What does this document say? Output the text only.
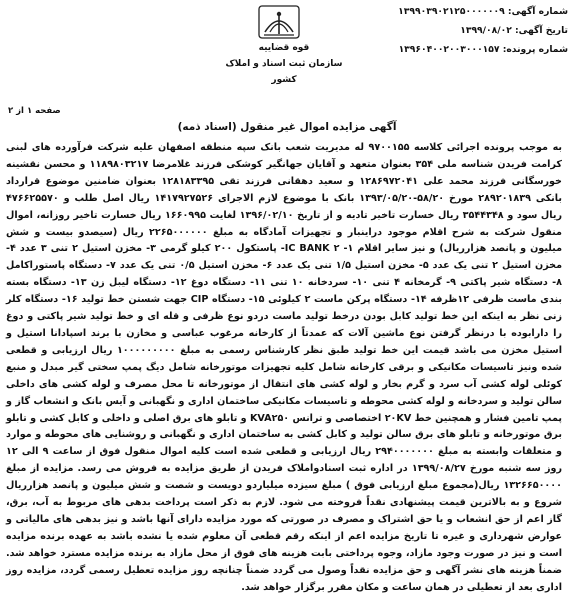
شماره آگهی: ۱۳۹۹۰۳۹۰۲۱۲۵۰۰۰۰۰۰۹
تاریخ آگهی: ۱۳۹۹/۰۸/۰۲
شماره پرونده: ۱۳۹۶۰۴۰۰۲۰۰۳۰۰۰۱۵۷
قوه قضاییه
سازمان ثبت اسناد و املاک کشور
صفحه ۱ از ۲
آگهی مزایده اموال غیر منقول (اسناد ذمه)
به موجب پرونده اجرائی کلاسه ۹۷۰۰۱۵۵ له مدیریت شعب بانک سپه منطقه اصفهان علیه شرکت فرآورده های لبنی کرامت فریدن شناسه ملی ۳۵۴ بعنوان متعهد و آقایان جهانگیر کوشکی فرزند غلامرضا ۱۱۸۹۸۰۳۲۱۷ و محسن نقشینه خورسگانی فرزند محمد علی ۱۲۸۶۹۷۲۰۴۱ و سعید دهقانی فرزند تقی ۱۲۸۱۸۳۳۹۵ بعنوان ضامنین موضوع قرارداد بانکی ۲۸۹۲۰۱۸۳۹ مورخ ۵۸/۲۰-۱۳۹۳/۰۵/۲۰ بانک با موضوع لازم الاجرای ۱۴۱۷۹۲۷۵۲۶ ریال اصل طلب و ۴۷۶۶۲۵۵۷۰ ریال سود و ۳۵۴۴۳۴۸ ریال خسارت تاخیر تادیه و از تاریخ ۱۳۹۶/۰۲/۱۰ لغایت ۱۶۶۰۹۹۵ ریال خسارت تاخیر روزانه، اموال منقول شرکت به شرح اقلام موجود دراینبار و تجهیزات آمادگاه به مبلغ ۲۲۶۵۰۰۰۰۰۰ ریال (سیصدو بیست و شش میلیون و پانصد هزارریال) و نیز سایر اقلام ۱- IC BANK ۲- پاستکول ۲۰۰ کیلو گرمی ۳- مخزن استیل ۲ تنی ۳ عدد ۴- مخزن استیل ۲ تنی یک عدد ۵- مخزن استیل ۱/۵ تنی یک عدد ۶- مخزن استیل ۰/۵ تنی یک عدد ۷- دستگاه پاستوراکامل ۸- دستگاه شیر پاکتی ۹- گرمخانه ۴ تنی ۱۰- سردخانه ۱۰ تنی ۱۱- دستگاه دوغ ۱۲- دستگاه لیبل زن ۱۳- دستگاه بسته بندی ماست ظرفی ۱۲ظرفه ۱۴- دستگاه پرکن ماست ۲ کیلوئی ۱۵- دستگاه CIP جهت شستن خط تولید ۱۶- دستگاه کلر زنی نظر به اینکه این خط تولید کابل بودن درخط تولید ماست دردو نوع ظرفی و قله ای و خط تولید شیر پاکتی و دوغ را دارابوده با درنظر گرفتن نوع ماشین آلات که عمدتاً از کارخانه مرغوب عباسی و مخازن با برند اسپادانا استیل و استیل مخزن می باشد قیمت این خط تولید طبق نظر کارشناس رسمی به مبلغ ۱۰۰۰۰۰۰۰۰۰ ریال ارزیابی و قطعی شده ونیز تاسیسات مکانیکی و برقی کارخانه شامل کلیه تجهیزات موتورخانه شامل دیگ پمپ سختی گیر مبدل و منبع کوئلی لوله کشی آب سرد و گرم بخار و لوله کشی های انتقال از موتورخانه تا محل مصرف و لوله کشی های داخلی سالن تولید و سردخانه و لوله کشی محوطه و تاسیسات مکانیکی ساختمان اداری و نگهبانی و آیس بانک و انشعاب گاز و پمپ تامین فشار و همچنین خط ۲۰KV اختصاصی و ترانس KVA۲۵۰ و تابلو های برق اصلی و داخلی و کابل کشی و تابلو برق موتورخانه و تابلو های برق سالن تولید و کابل کشی به ساختمان اداری و نگهبانی و روشنایی های محوطه و موارد و متعلقات وابسته به مبلغ ۲۹۴۰۰۰۰۰۰۰ ریال ارزیابی و قطعی شده است کلیه اموال منقول فوق از ساعت ۹ الی ۱۲ روز سه شنبه مورخ ۱۳۹۹/۰۸/۲۷ در اداره ثبت اسنادواملاک فریدن از طریق مزایده به فروش می رسد. مزایده از مبلغ ۱۳۲۶۶۵۰۰۰۰ ریال(مجموع مبلغ ارزیابی فوق ) مبلغ سیزده میلیاردو دویست و شصت و شش میلیون و پانصد هزارریال شروع و به بالاترین قیمت پیشنهادی نقداً فروخته می شود. لازم به ذکر است پرداخت بدهی های مربوط به آب، برق، گاز اعم از حق انشعاب و یا حق اشتراک و مصرف در صورتی که مورد مزایده دارای آنها باشد و نیز بدهی های مالیاتی و عوارض شهرداری و غیره تا تاریخ مزایده اعم از اینکه رقم قطعی آن معلوم شده یا نشده باشد به عهده برنده مزایده است و نیز در صورت وجود مازاد، وجوه پرداختی بابت هزینه های فوق از محل مازاد به برنده مزایده مسترد خواهد شد. ضمناً هزینه های نشر آگهی و حق مزایده نقداً وصول می گردد ضمناً چنانچه روز مزایده تعطیل رسمی گردد، مزایده روز اداری بعد از تعطیلی در همان ساعت و مکان مقرر برگزار خواهد شد.
